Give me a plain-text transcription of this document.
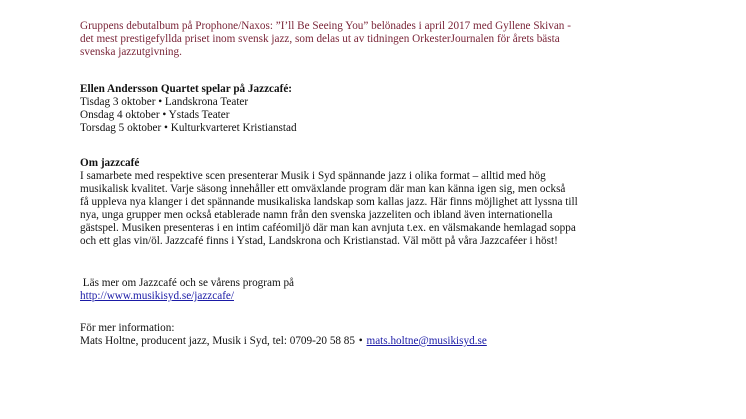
Gruppens debutalbum på Prophone/Naxos: ”I’ll Be Seeing You” belönades i april 2017 med Gyllene Skivan -
det mest prestigefyllda priset inom svensk jazz, som delas ut av tidningen OrkesterJournalen för årets bästa
svenska jazzutgivning.
Ellen Andersson Quartet spelar på Jazzcafé:
Tisdag 3 oktober • Landskrona Teater
Onsdag 4 oktober • Ystads Teater
Torsdag 5 oktober • Kulturkvarteret Kristianstad
Om jazzcafé
I samarbete med respektive scen presenterar Musik i Syd spännande jazz i olika format – alltid med hög
musikalisk kvalitet. Varje säsong innehåller ett omväxlande program där man kan känna igen sig, men också
få uppleva nya klanger i det spännande musikaliska landskap som kallas jazz. Här finns möjlighet att lyssna till
nya, unga grupper men också etablerade namn från den svenska jazzeliten och ibland även internationella
gästspel. Musiken presenteras i en intim caféomiljö där man kan avnjuta t.ex. en välsmakande hemlagad soppa
och ett glas vin/öl. Jazzcafé finns i Ystad, Landskrona och Kristianstad. Väl mött på våra Jazzcaféer i höst!
Läs mer om Jazzcafé och se vårens program på
http://www.musikisyd.se/jazzcafe/
För mer information:
Mats Holtne, producent jazz, Musik i Syd, tel: 0709-20 58 85 • mats.holtne@musikisyd.se
